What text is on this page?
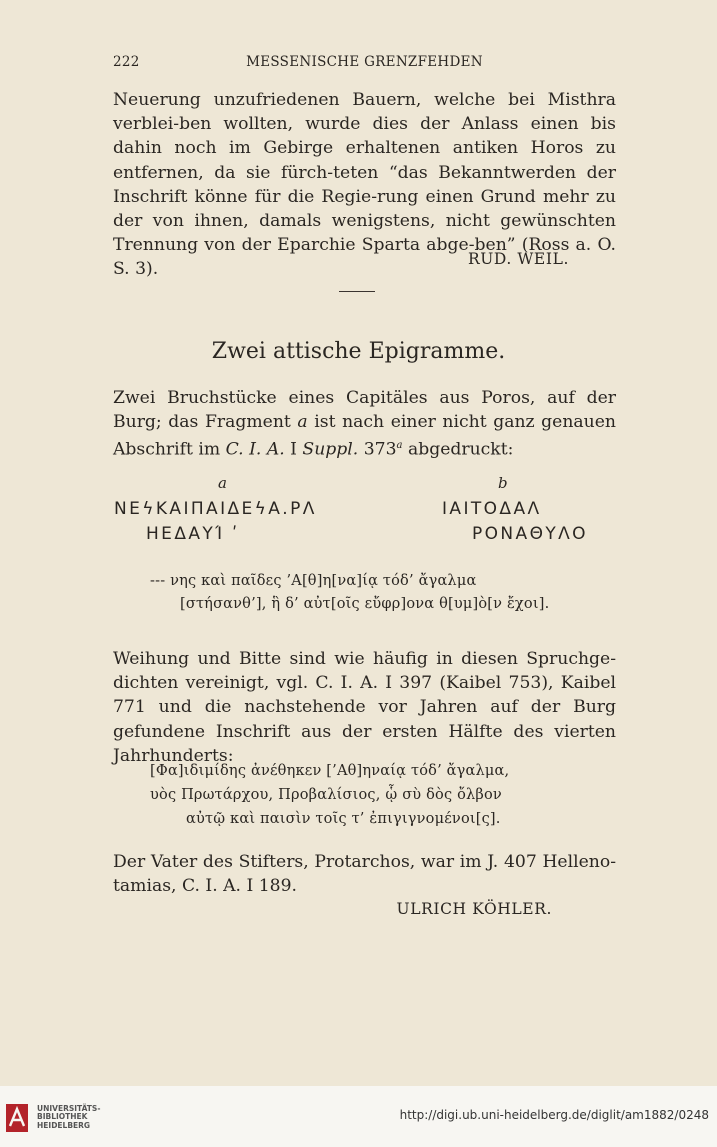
222	MESSENISCHE GRENZFEHDEN
Neuerung unzufriedenen Bauern, welche bei Misthra verblei-ben wollten, wurde dies der Anlass einen bis dahin noch im Gebirge erhaltenen antiken Horos zu entfernen, da sie fürch-teten “das Bekanntwerden der Inschrift könne für die Regie-rung einen Grund mehr zu der von ihnen, damals wenigstens, nicht gewünschten Trennung von der Eparchie Sparta abge-ben” (Ross a. O. S. 3).
RUD. WEIL.
Zwei attische Epigramme.

Zwei Bruchstücke eines Capitäles aus Poros, auf der Burg; das Fragment a ist nach einer nicht ganz genauen Abschrift im C. I. A. I Suppl. 373$^a$ abgedruckt:

a	b
ΝΕϟΚΑΙΠΑΙΔΕϟΑ.ΡΛ
ΗΕΔΑΥΊ ʹ
ΙΑΙΤΟΔΑΛ
ΡΟΝΑΘΥΛΟ
--- νης καὶ παῖδες ’Α[θ]η[να]ίᾳ τόδ’ ἄγαλμα
[στήσανθ’], ἣ δ’ αὐτ[οῖς εὔφρ]ονα θ[υμ]ὸ[ν ἔχοι].
Weihung und Bitte sind wie häufig in diesen Spruchge-dichten vereinigt, vgl. C. I. A. I 397 (Kaibel 753), Kaibel 771 und die nachstehende vor Jahren auf der Burg gefundene Inschrift aus der ersten Hälfte des vierten Jahrhunderts:
[Φα]ιδιμίδης ἀνέθηκεν [’Αθ]ηναίᾳ τόδ’ ἄγαλμα,
υὸς Πρωτάρχου, Προβαλίσιος, ᾧ σὺ δὸς ὄλβον
αὐτῷ καὶ παισὶν τοῖς τ’ ἐπιγιγνομένοι[ς].
Der Vater des Stifters, Protarchos, war im J. 407 Helleno-tamias, C. I. A. I 189.
ULRICH KÖHLER.
UNIVERSITÄTS-
BIBLIOTHEK
HEIDELBERG
http://digi.ub.uni-heidelberg.de/diglit/am1882/0248
